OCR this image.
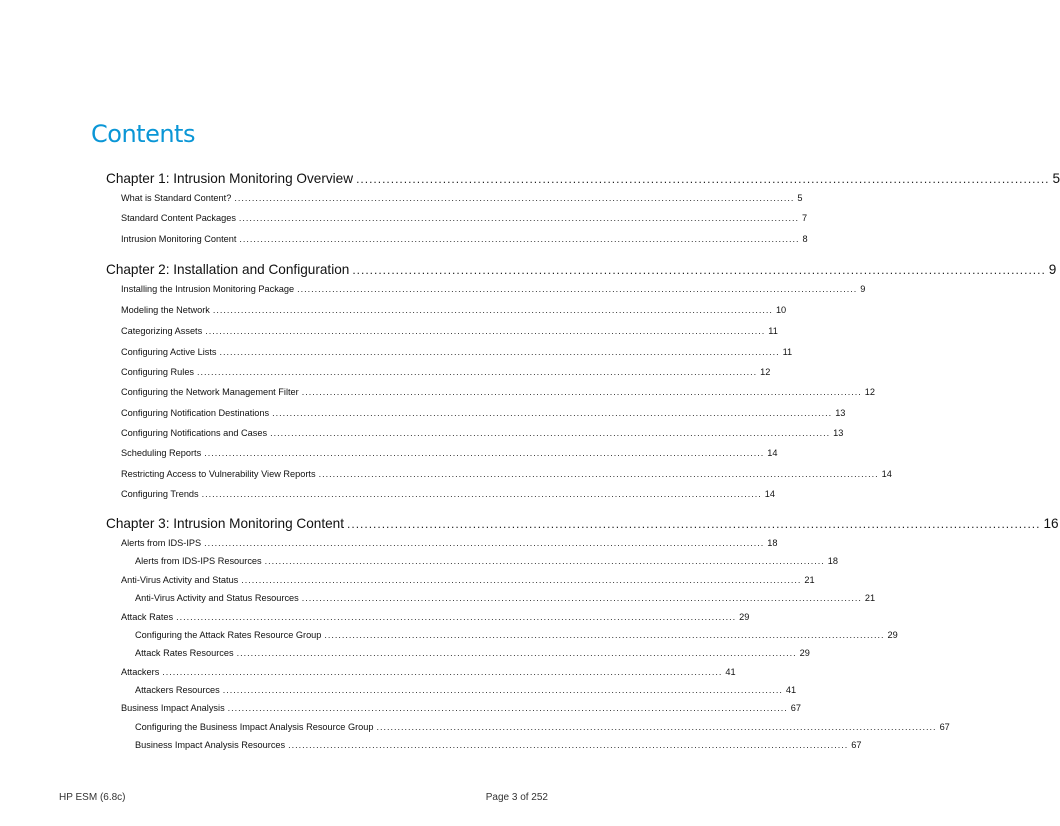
Contents
Chapter 1: Intrusion Monitoring Overview ................................................................................................................................................................ 5
What is Standard Content? ................................................................................................................................................................ 5
Standard Content Packages ................................................................................................................................................................ 7
Intrusion Monitoring Content ................................................................................................................................................................ 8
Chapter 2: Installation and Configuration ................................................................................................................................................................ 9
Installing the Intrusion Monitoring Package ................................................................................................................................................................ 9
Modeling the Network ................................................................................................................................................................ 10
Categorizing Assets ................................................................................................................................................................ 11
Configuring Active Lists ................................................................................................................................................................ 11
Configuring Rules ................................................................................................................................................................ 12
Configuring the Network Management Filter ................................................................................................................................................................ 12
Configuring Notification Destinations ................................................................................................................................................................ 13
Configuring Notifications and Cases ................................................................................................................................................................ 13
Scheduling Reports ................................................................................................................................................................ 14
Restricting Access to Vulnerability View Reports ................................................................................................................................................................ 14
Configuring Trends ................................................................................................................................................................ 14
Chapter 3: Intrusion Monitoring Content ................................................................................................................................................................ 16
Alerts from IDS-IPS ................................................................................................................................................................ 18
Alerts from IDS-IPS Resources ................................................................................................................................................................ 18
Anti-Virus Activity and Status ................................................................................................................................................................ 21
Anti-Virus Activity and Status Resources ................................................................................................................................................................ 21
Attack Rates ................................................................................................................................................................ 29
Configuring the Attack Rates Resource Group ................................................................................................................................................................ 29
Attack Rates Resources ................................................................................................................................................................ 29
Attackers ................................................................................................................................................................ 41
Attackers Resources ................................................................................................................................................................ 41
Business Impact Analysis ................................................................................................................................................................ 67
Configuring the Business Impact Analysis Resource Group ................................................................................................................................................................ 67
Business Impact Analysis Resources ................................................................................................................................................................ 67
HP ESM (6.8c)	Page 3 of 252
